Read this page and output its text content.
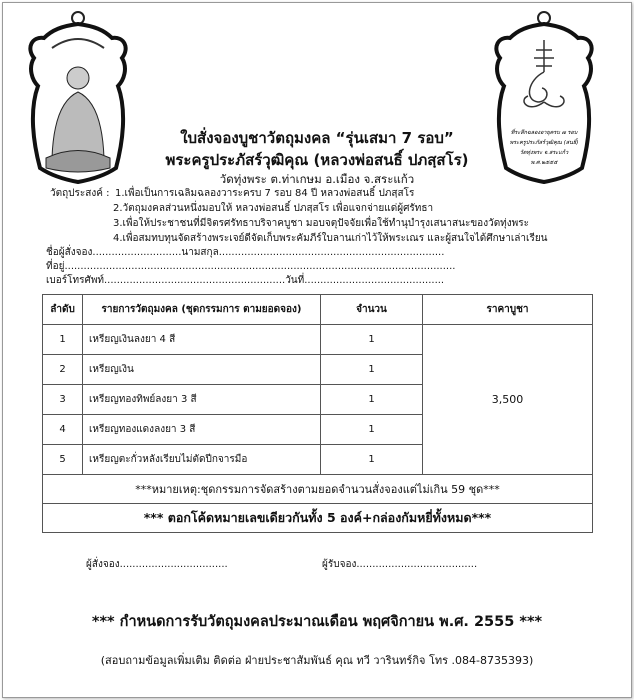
ที่ระลึกฉลองอายุครบ ๗ รอบ
พระครูประภัสร์วุฒิคุณ (สนธิ์)
วัดทุ่งพระ จ.สระแก้ว
พ.ศ.๒๕๕๕
ใบสั่งจองบูชาวัตถุมงคล “รุ่นเสมา 7 รอบ”
พระครูประภัสร์วุฒิคุณ (หลวงพ่อสนธิ์ ปภสฺสโร)
วัดทุ่งพระ ต.ท่าเกษม อ.เมือง จ.สระแก้ว
วัตถุประสงค์ : 1.เพื่อเป็นการเฉลิมฉลองวาระครบ 7 รอบ 84 ปี หลวงพ่อสนธิ์ ปภสฺสโร
2.วัตถุมงคลส่วนหนึ่งมอบให้ หลวงพ่อสนธิ์ ปภสฺสโร เพื่อแจกจ่ายแด่ผู้ศรัทธา
3.เพื่อให้ประชาชนที่มีจิตรศรัทธาบริจาคบูชา มอบจตุปัจจัยเพื่อใช้ทำนุบำรุงเสนาสนะของวัดทุ่งพระ
4.เพื่อสมทบทุนจัดสร้างพระเจย์ดีจัดเก็บพระคัมภีร์ใบลานเก่าไว้ให้พระเณร และผู้สนใจได้ศึกษาเล่าเรียน
ชื่อผู้สั่งจอง............................นามสกุล.......................................................................
ที่อยู่...........................................................................................................................
เบอร์โทรศัพท์.........................................................วันที่............................................
ลำดับ	รายการวัตถุมงคล (ชุดกรรมการ ตามยอดจอง)	จำนวน	ราคาบูชา
1	เหรียญเงินลงยา 4 สี	1	3,500
2	เหรียญเงิน	1	
3	เหรียญทองทิพย์ลงยา 3 สี	1	
4	เหรียญทองแดงลงยา 3 สี	1	
5	เหรียญตะกั่วหลังเรียบไม่ตัดปีกจารมือ	1	
***หมายเหตุ:ชุดกรรมการจัดสร้างตามยอดจำนวนสั่งจองแต่ไม่เกิน 59 ชุด***			
*** ตอกโค้ดหมายเลขเดียวกันทั้ง 5 องค์+กล่องกัมหยี่ทั้งหมด***			
ผู้สั่งจอง..................................	ผู้รับจอง......................................
*** กำหนดการรับวัตถุมงคลประมาณเดือน พฤศจิกายน พ.ศ. 2555 ***
(สอบถามข้อมูลเพิ่มเติม ติดต่อ ฝ่ายประชาสัมพันธ์ คุณ ทวี วารินทร์กิจ โทร .084-8735393)
